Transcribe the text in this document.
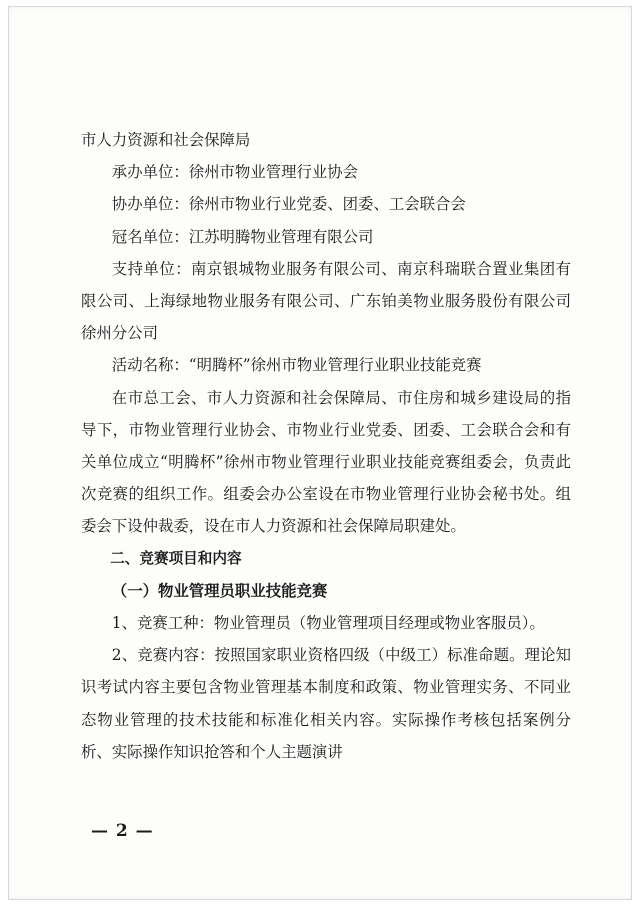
市人力资源和社会保障局

承办单位：徐州市物业管理行业协会

协办单位：徐州市物业行业党委、团委、工会联合会

冠名单位：江苏明腾物业管理有限公司

支持单位：南京银城物业服务有限公司、南京科瑞联合置业集团有限公司、上海绿地物业服务有限公司、广东铂美物业服务股份有限公司徐州分公司

活动名称：“明腾杯”徐州市物业管理行业职业技能竞赛

在市总工会、市人力资源和社会保障局、市住房和城乡建设局的指导下，市物业管理行业协会、市物业行业党委、团委、工会联合会和有关单位成立“明腾杯”徐州市物业管理行业职业技能竞赛组委会，负责此次竞赛的组织工作。组委会办公室设在市物业管理行业协会秘书处。组委会下设仲裁委，设在市人力资源和社会保障局职建处。

二、竞赛项目和内容

（一）物业管理员职业技能竞赛

1、竞赛工种：物业管理员（物业管理项目经理或物业客服员）。

2、竞赛内容：按照国家职业资格四级（中级工）标准命题。理论知识考试内容主要包含物业管理基本制度和政策、物业管理实务、不同业态物业管理的技术技能和标准化相关内容。实际操作考核包括案例分析、实际操作知识抢答和个人主题演讲

— 2 —
